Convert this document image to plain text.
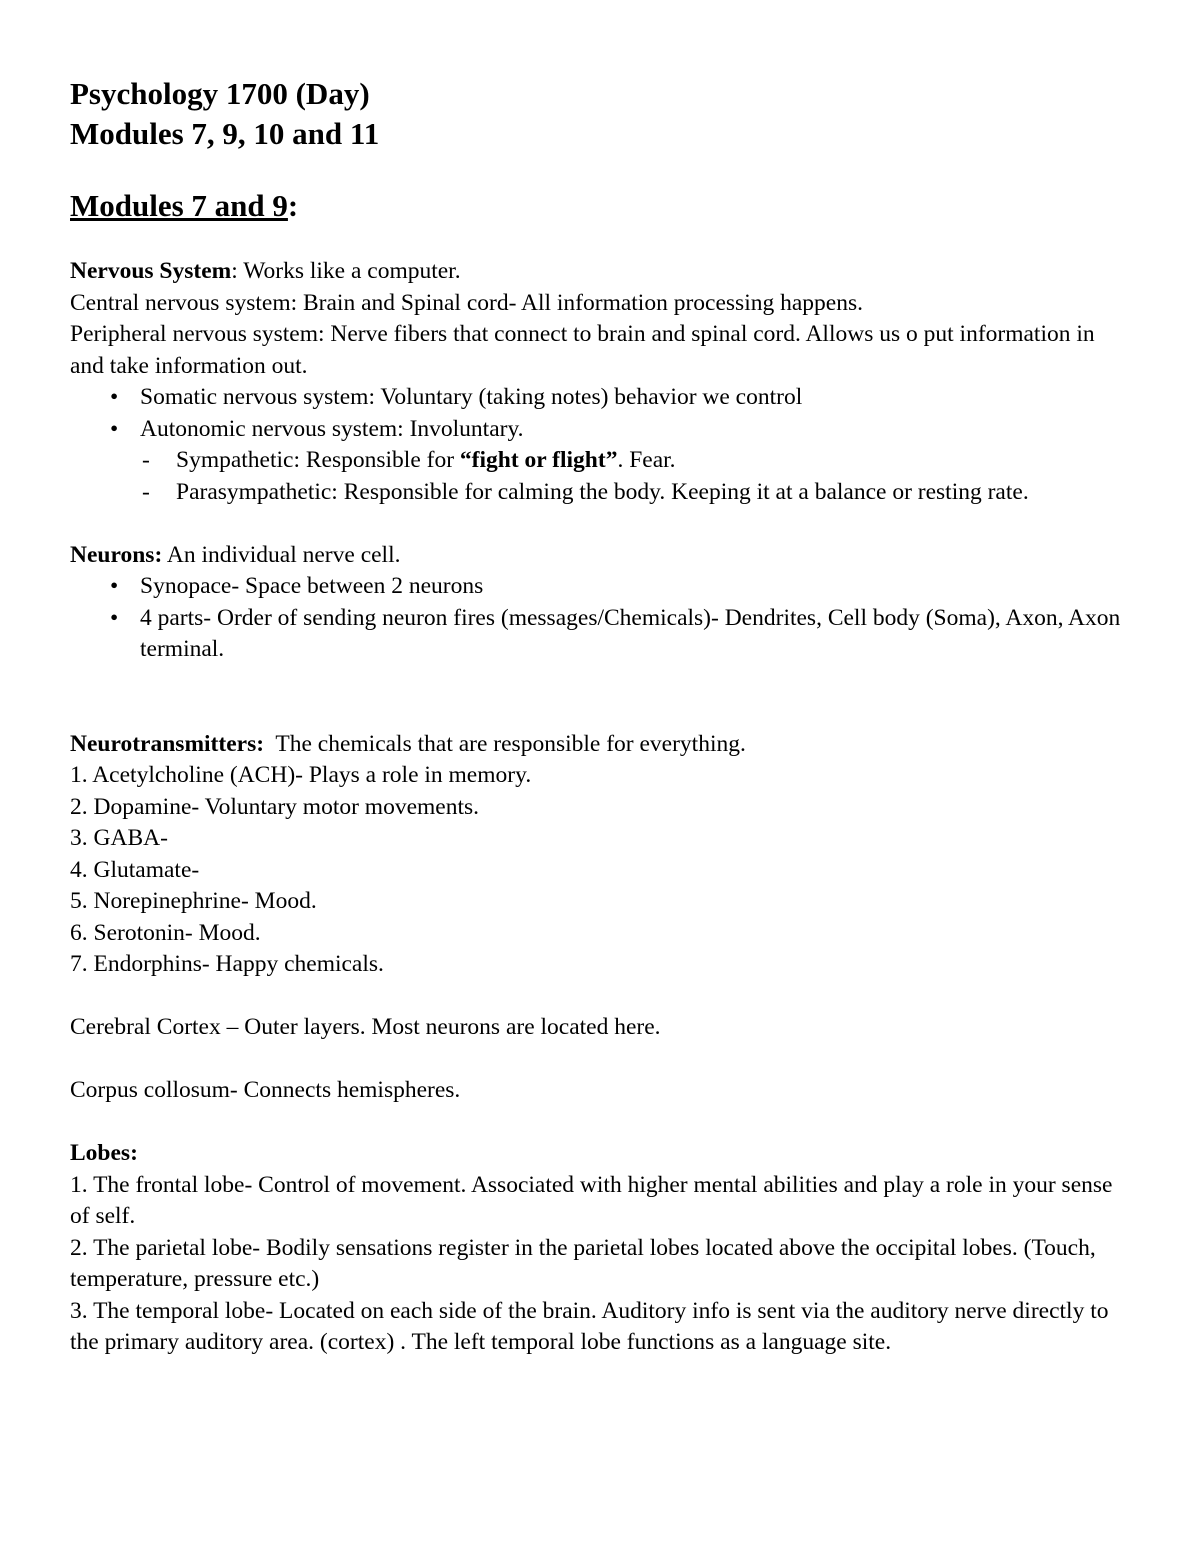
Psychology 1700 (Day)
Modules 7, 9, 10 and 11
Modules 7 and 9:

Nervous System: Works like a computer.

Central nervous system: Brain and Spinal cord- All information processing happens.

Peripheral nervous system: Nerve fibers that connect to brain and spinal cord. Allows us o put information in and take information out.

• Somatic nervous system: Voluntary (taking notes) behavior we control
• Autonomic nervous system: Involuntary.
- Sympathetic: Responsible for “fight or flight”. Fear.
- Parasympathetic: Responsible for calming the body. Keeping it at a balance or resting rate.

Neurons: An individual nerve cell.

• Synopace- Space between 2 neurons
• 4 parts- Order of sending neuron fires (messages/Chemicals)- Dendrites, Cell body (Soma), Axon, Axon terminal.

Neurotransmitters:  The chemicals that are responsible for everything.

1. Acetylcholine (ACH)- Plays a role in memory.

2. Dopamine- Voluntary motor movements.

3. GABA-

4. Glutamate-

5. Norepinephrine- Mood.

6. Serotonin- Mood.

7. Endorphins- Happy chemicals.

Cerebral Cortex – Outer layers. Most neurons are located here.

Corpus collosum- Connects hemispheres.

Lobes:

1. The frontal lobe- Control of movement. Associated with higher mental abilities and play a role in your sense of self.

2. The parietal lobe- Bodily sensations register in the parietal lobes located above the occipital lobes. (Touch, temperature, pressure etc.)

3. The temporal lobe- Located on each side of the brain. Auditory info is sent via the auditory nerve directly to the primary auditory area. (cortex) . The left temporal lobe functions as a language site.
